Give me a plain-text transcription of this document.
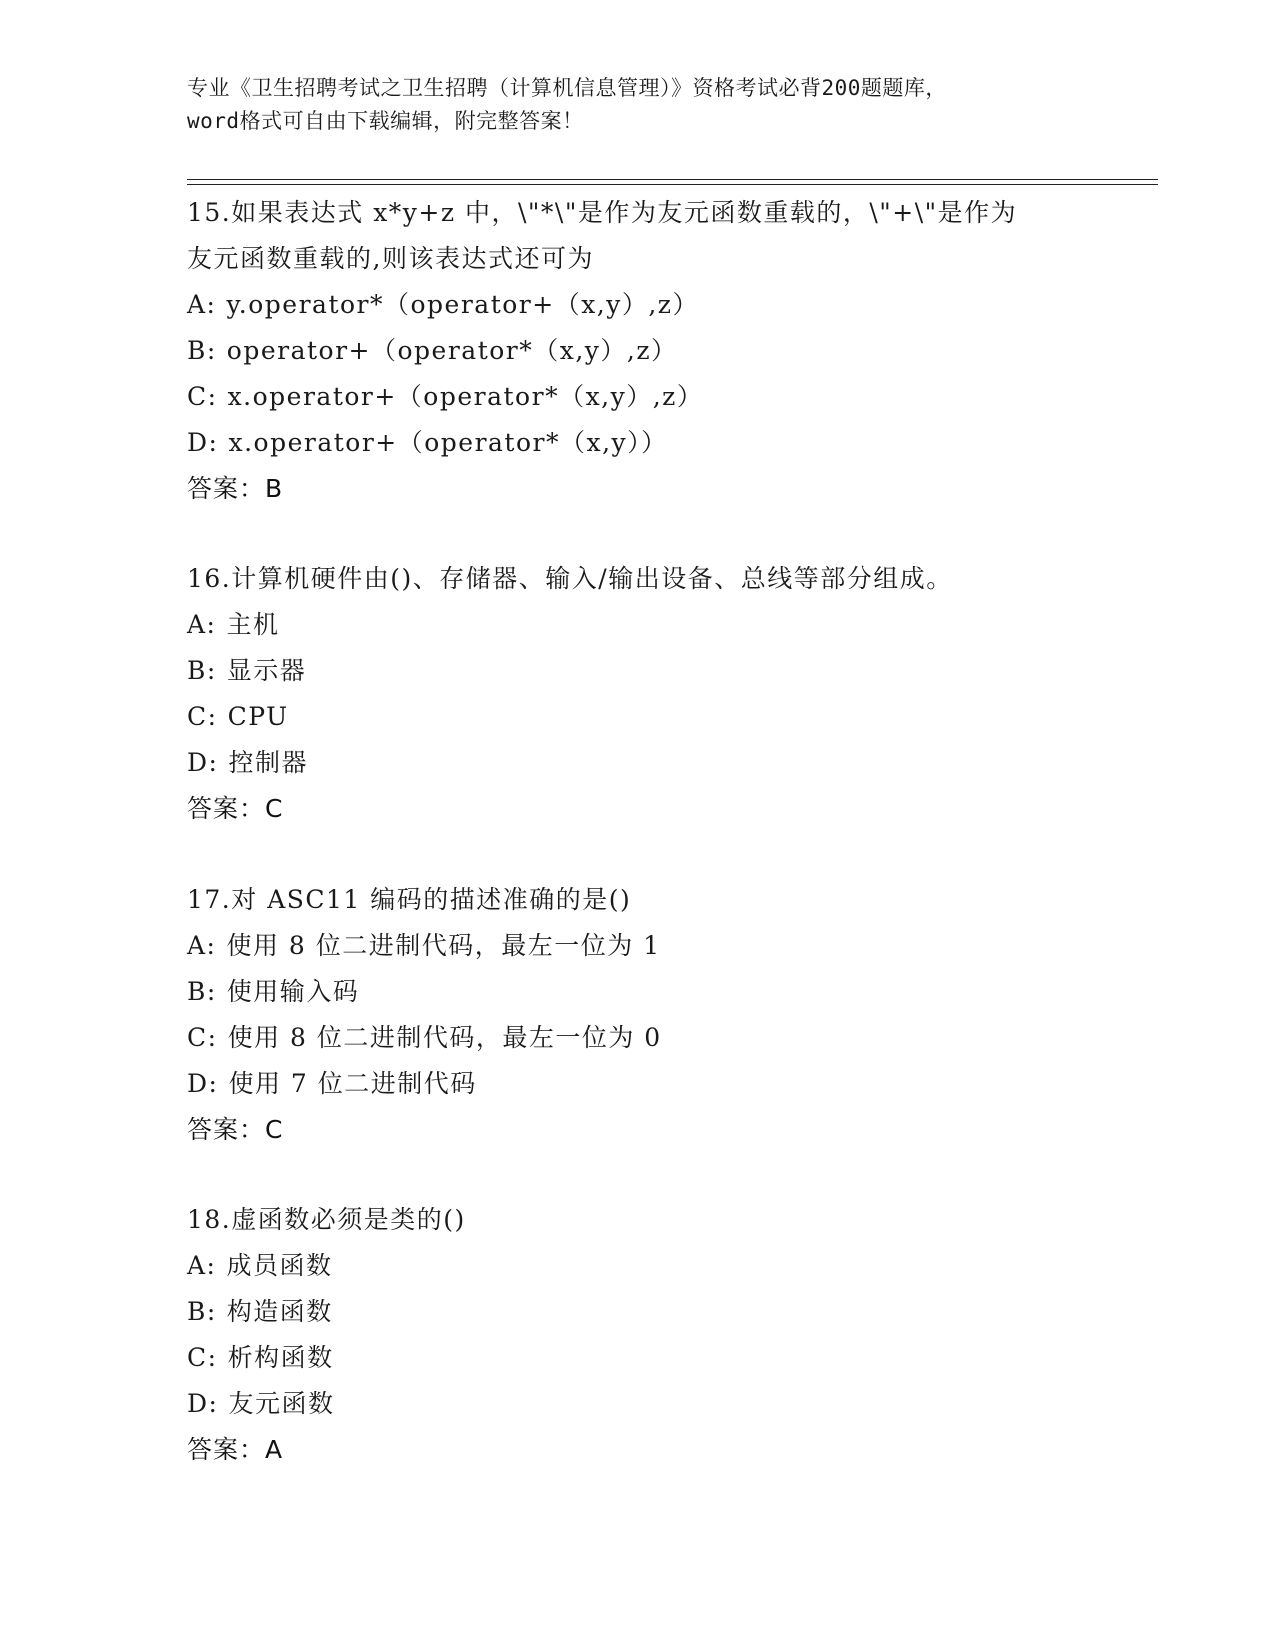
专业《卫生招聘考试之卫生招聘（计算机信息管理）》资格考试必背200题题库，
word格式可自由下载编辑，附完整答案！
15.如果表达式 x*y+z 中，\"*\"是作为友元函数重载的，\"+\"是作为
友元函数重载的,则该表达式还可为
A: y.operator*（operator+（x,y）,z）
B: operator+（operator*（x,y）,z）
C: x.operator+（operator*（x,y）,z）
D: x.operator+（operator*（x,y））
答案：B
16.计算机硬件由()、存储器、输入/输出设备、总线等部分组成。
A: 主机
B: 显示器
C: CPU
D: 控制器
答案：C
17.对 ASC11 编码的描述准确的是()
A: 使用 8 位二进制代码，最左一位为 1
B: 使用输入码
C: 使用 8 位二进制代码，最左一位为 0
D: 使用 7 位二进制代码
答案：C
18.虚函数必须是类的()
A: 成员函数
B: 构造函数
C: 析构函数
D: 友元函数
答案：A
